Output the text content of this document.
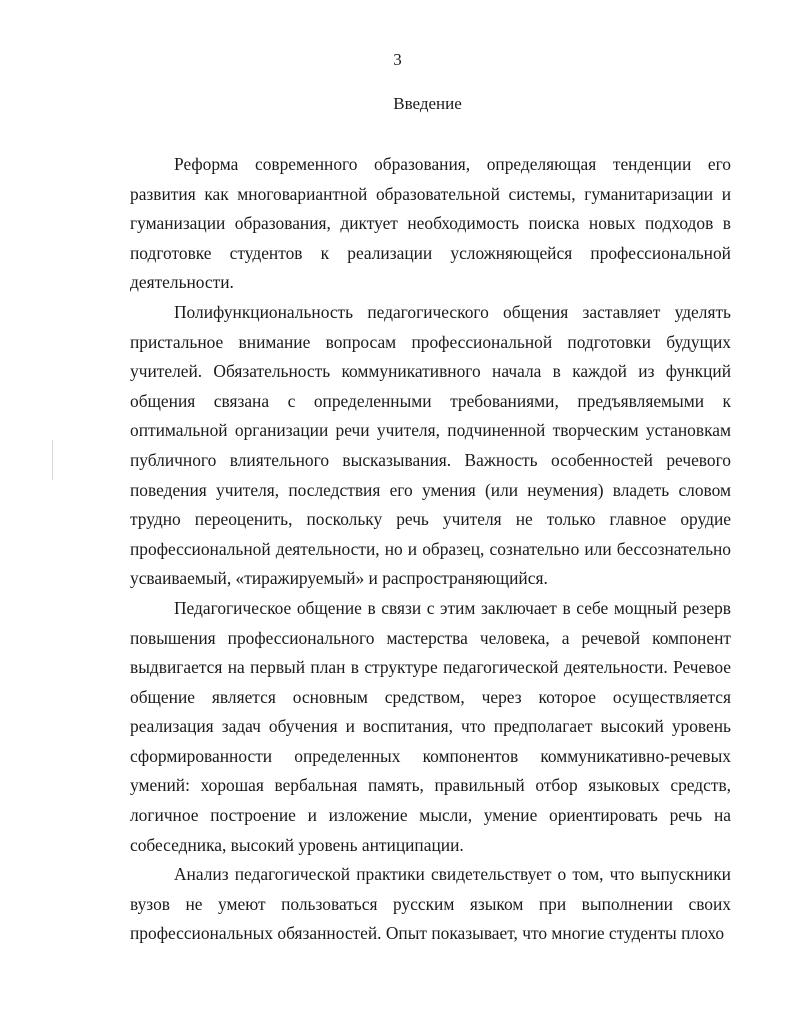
3

Введение

Реформа современного образования, определяющая тенденции его развития как многовариантной образовательной системы, гуманитаризации и гуманизации образования, диктует необходимость поиска новых подходов в подготовке студентов к реализации усложняющейся профессиональной деятельности.

Полифункциональность педагогического общения заставляет уделять пристальное внимание вопросам профессиональной подготовки будущих учителей. Обязательность коммуникативного начала в каждой из функций общения связана с определенными требованиями, предъявляемыми к оптимальной организации речи учителя, подчиненной творческим установкам публичного влиятельного высказывания. Важность особенностей речевого поведения учителя, последствия его умения (или неумения) владеть словом трудно переоценить, поскольку речь учителя не только главное орудие профессиональной деятельности, но и образец, сознательно или бессознательно усваиваемый, «тиражируемый» и распространяющийся.

Педагогическое общение в связи с этим заключает в себе мощный резерв повышения профессионального мастерства человека, а речевой компонент выдвигается на первый план в структуре педагогической деятельности. Речевое общение является основным средством, через которое осуществляется реализация задач обучения и воспитания, что предполагает высокий уровень сформированности определенных компонентов коммуникативно-речевых умений: хорошая вербальная память, правильный отбор языковых средств, логичное построение и изложение мысли, умение ориентировать речь на собеседника, высокий уровень антиципации.

Анализ педагогической практики свидетельствует о том, что выпускники вузов не умеют пользоваться русским языком при выполнении своих профессиональных обязанностей. Опыт показывает, что многие студенты плохо
